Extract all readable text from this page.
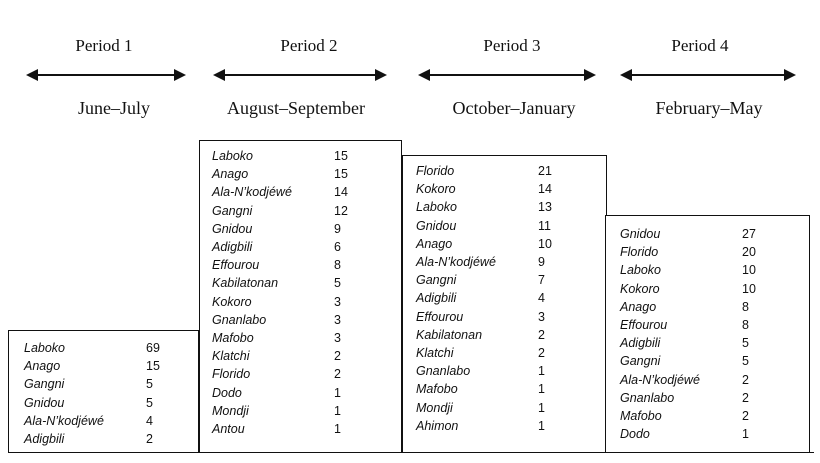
Period 1	Period 2	Period 3	Period 4
June–July	August–September	October–January	February–May
Laboko	69
Anago	15
Gangni	5
Gnidou	5
Ala-N’kodjéwé	4
Adigbili	2
Laboko	15
Anago	15
Ala-N’kodjéwé	14
Gangni	12
Gnidou	9
Adigbili	6
Effourou	8
Kabilatonan	5
Kokoro	3
Gnanlabo	3
Mafobo	3
Klatchi	2
Florido	2
Dodo	1
Mondji	1
Antou	1
Florido	21
Kokoro	14
Laboko	13
Gnidou	11
Anago	10
Ala-N’kodjéwé	9
Gangni	7
Adigbili	4
Effourou	3
Kabilatonan	2
Klatchi	2
Gnanlabo	1
Mafobo	1
Mondji	1
Ahimon	1
Gnidou	27
Florido	20
Laboko	10
Kokoro	10
Anago	8
Effourou	8
Adigbili	5
Gangni	5
Ala-N’kodjéwé	2
Gnanlabo	2
Mafobo	2
Dodo	1
